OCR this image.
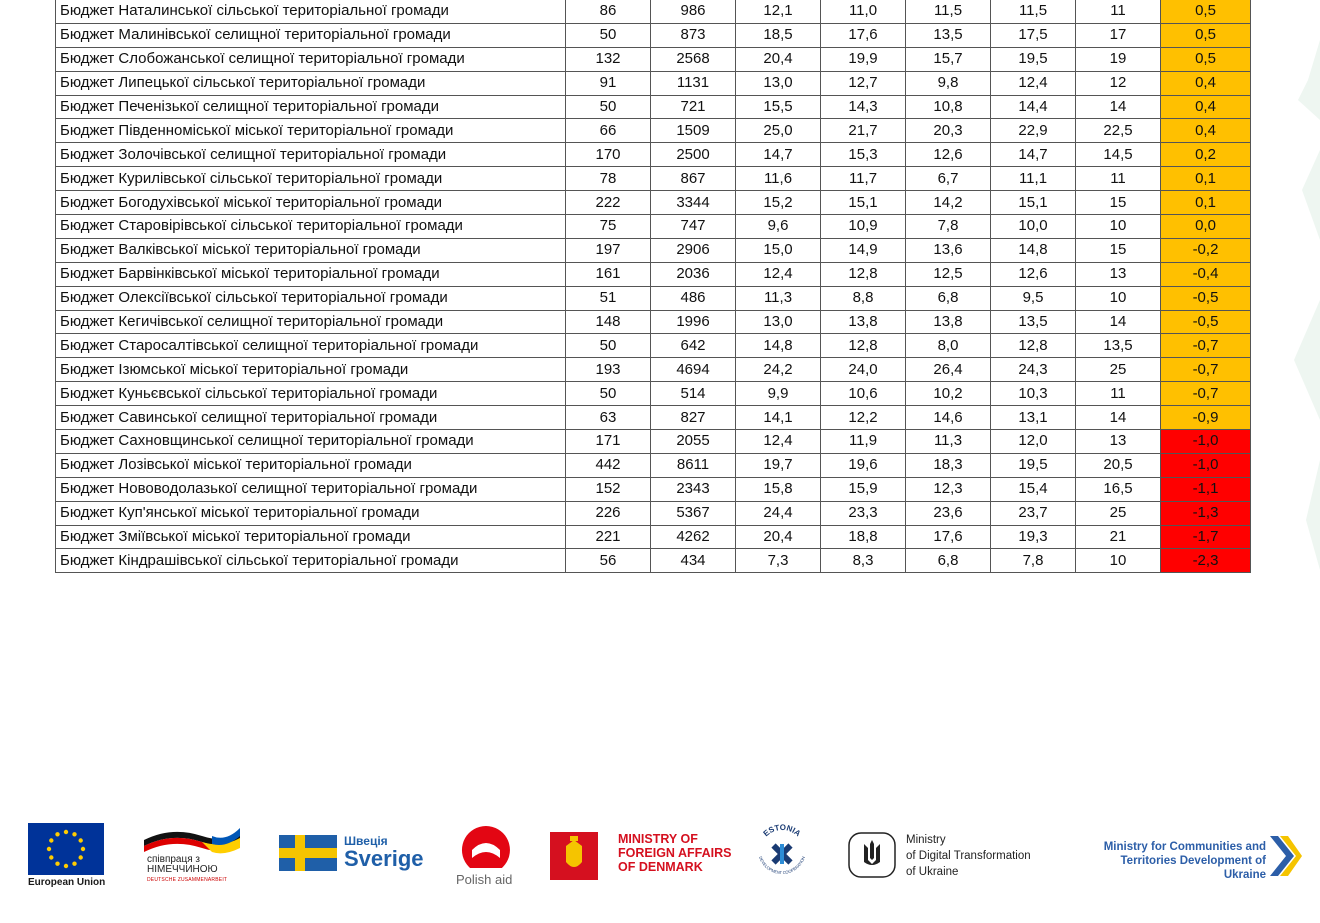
Бюджет Наталинської сільської територіальної громади	86	986	12,1	11,0	11,5	11,5	11	0,5
Бюджет Малинівської селищної територіальної громади	50	873	18,5	17,6	13,5	17,5	17	0,5
Бюджет Слобожанської селищної територіальної громади	132	2568	20,4	19,9	15,7	19,5	19	0,5
Бюджет Липецької сільської територіальної громади	91	1131	13,0	12,7	9,8	12,4	12	0,4
Бюджет Печенізької селищної територіальної громади	50	721	15,5	14,3	10,8	14,4	14	0,4
Бюджет Південноміської міської територіальної громади	66	1509	25,0	21,7	20,3	22,9	22,5	0,4
Бюджет Золочівської селищної територіальної громади	170	2500	14,7	15,3	12,6	14,7	14,5	0,2
Бюджет Курилівської сільської територіальної громади	78	867	11,6	11,7	6,7	11,1	11	0,1
Бюджет Богодухівської міської територіальної громади	222	3344	15,2	15,1	14,2	15,1	15	0,1
Бюджет Старовірівської сільської територіальної громади	75	747	9,6	10,9	7,8	10,0	10	0,0
Бюджет Валківської міської територіальної громади	197	2906	15,0	14,9	13,6	14,8	15	-0,2
Бюджет Барвінківської міської територіальної громади	161	2036	12,4	12,8	12,5	12,6	13	-0,4
Бюджет Олексіївської сільської територіальної громади	51	486	11,3	8,8	6,8	9,5	10	-0,5
Бюджет Кегичівської селищної територіальної громади	148	1996	13,0	13,8	13,8	13,5	14	-0,5
Бюджет Старосалтівської селищної територіальної громади	50	642	14,8	12,8	8,0	12,8	13,5	-0,7
Бюджет Ізюмської міської територіальної громади	193	4694	24,2	24,0	26,4	24,3	25	-0,7
Бюджет Куньєвської сільської територіальної громади	50	514	9,9	10,6	10,2	10,3	11	-0,7
Бюджет Савинської селищної територіальної громади	63	827	14,1	12,2	14,6	13,1	14	-0,9
Бюджет Сахновщинської селищної територіальної громади	171	2055	12,4	11,9	11,3	12,0	13	-1,0
Бюджет Лозівської міської територіальної громади	442	8611	19,7	19,6	18,3	19,5	20,5	-1,0
Бюджет Нововодолазької селищної територіальної громади	152	2343	15,8	15,9	12,3	15,4	16,5	-1,1
Бюджет Куп'янської міської територіальної громади	226	5367	24,4	23,3	23,6	23,7	25	-1,3
Бюджет Зміївської міської територіальної громади	221	4262	20,4	18,8	17,6	19,3	21	-1,7
Бюджет Кіндрашівської сільської територіальної громади	56	434	7,3	8,3	6,8	7,8	10	-2,3
European Union
співпраця з
НІМЕЧЧИНОЮ
DEUTSCHE ZUSAMMENARBEIT
Швеція
Sverige
Polish aid
MINISTRY OF
FOREIGN AFFAIRS
OF DENMARK
ESTONIA
DEVELOPMENT COOPERATION
Ministry
of Digital Transformation
of Ukraine
Ministry for Communities and
Territories Development of Ukraine
